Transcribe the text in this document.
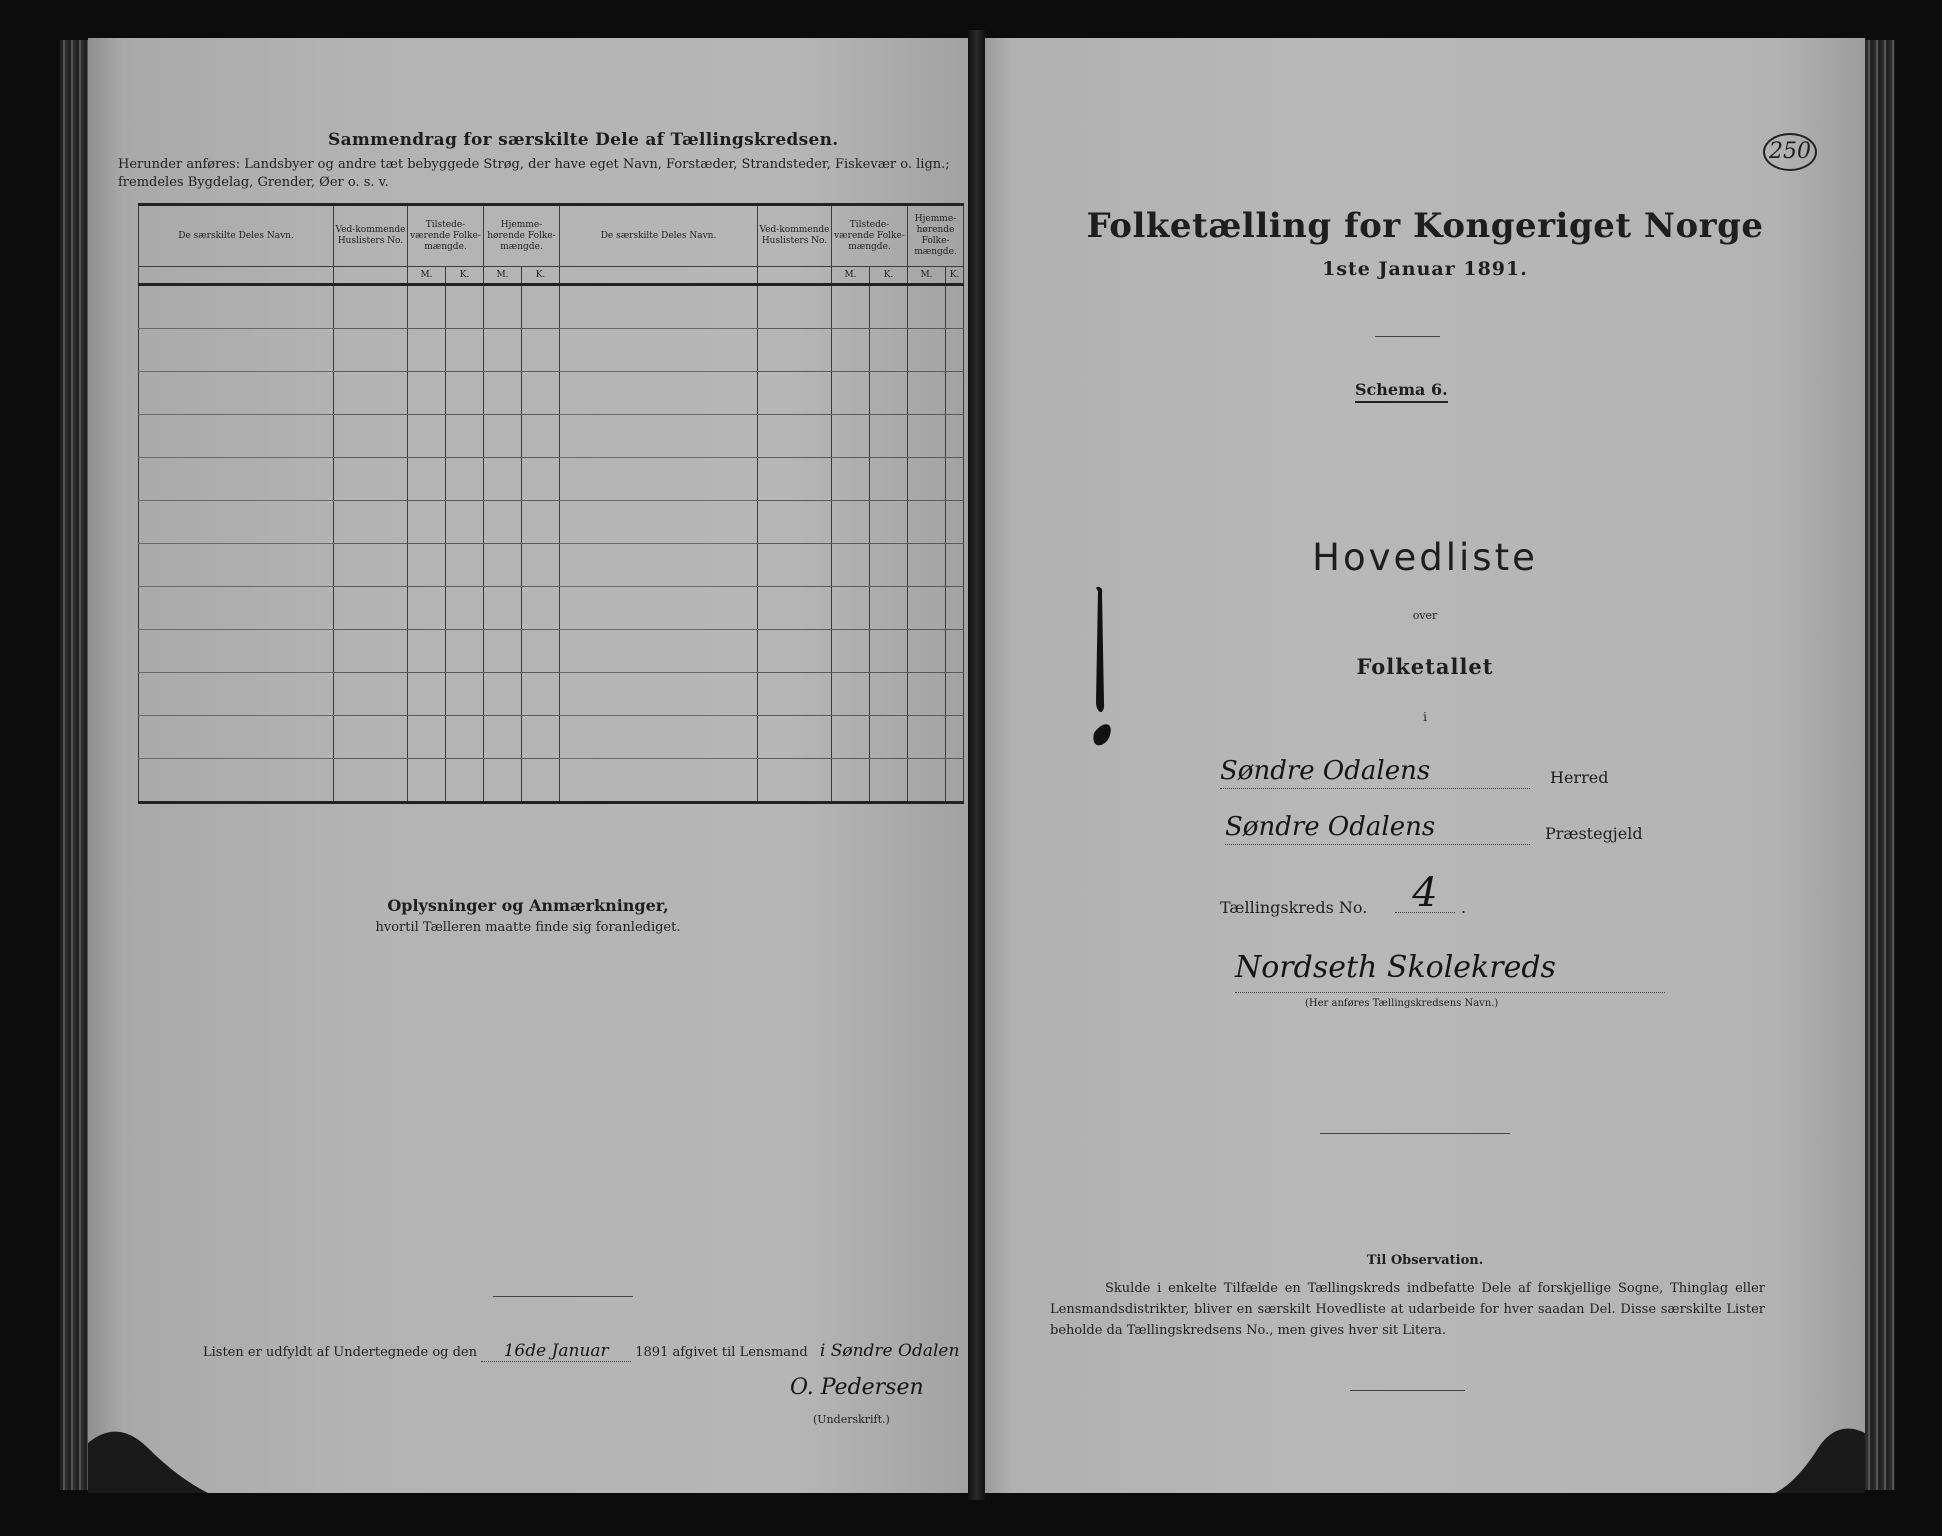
Sammendrag for særskilte Dele af Tællingskredsen.
Herunder anføres: Landsbyer og andre tæt bebyggede Strøg, der have eget Navn, Forstæder, Strandsteder, Fiskevær o. lign.; fremdeles Bygdelag, Grender, Øer o. s. v.
De særskilte Deles Navn.	Ved-kommende Huslisters No.	Tilstede-værende Folke-mængde.		Hjemme-hørende Folke-mængde.		De særskilte Deles Navn.	Ved-kommende Huslisters No.	Tilstede-værende Folke-mængde.		Hjemme-hørende Folke-mængde.	
		M.	K.	M.	K.			M.	K.	M.	K.

Oplysninger og Anmærkninger,
hvortil Tælleren maatte finde sig foranlediget.
Listen er udfyldt af Undertegnede og den 16de Januar 1891 afgivet til Lensmand i Søndre Odalen
O. Pedersen
(Underskrift.)
250
Folketælling for Kongeriget Norge
1ste Januar 1891.
Schema 6.
Hovedliste
over
Folketallet
i
Søndre Odalens	Herred
Søndre Odalens	Præstegjeld
Tællingskreds No.	4	.
Nordseth Skolekreds
(Her anføres Tællingskredsens Navn.)
Til Observation.
Skulde i enkelte Tilfælde en Tællingskreds indbefatte Dele af forskjellige Sogne, Thinglag eller Lensmandsdistrikter, bliver en særskilt Hovedliste at udarbeide for hver saadan Del. Disse særskilte Lister beholde da Tællingskredsens No., men gives hver sit Litera.
